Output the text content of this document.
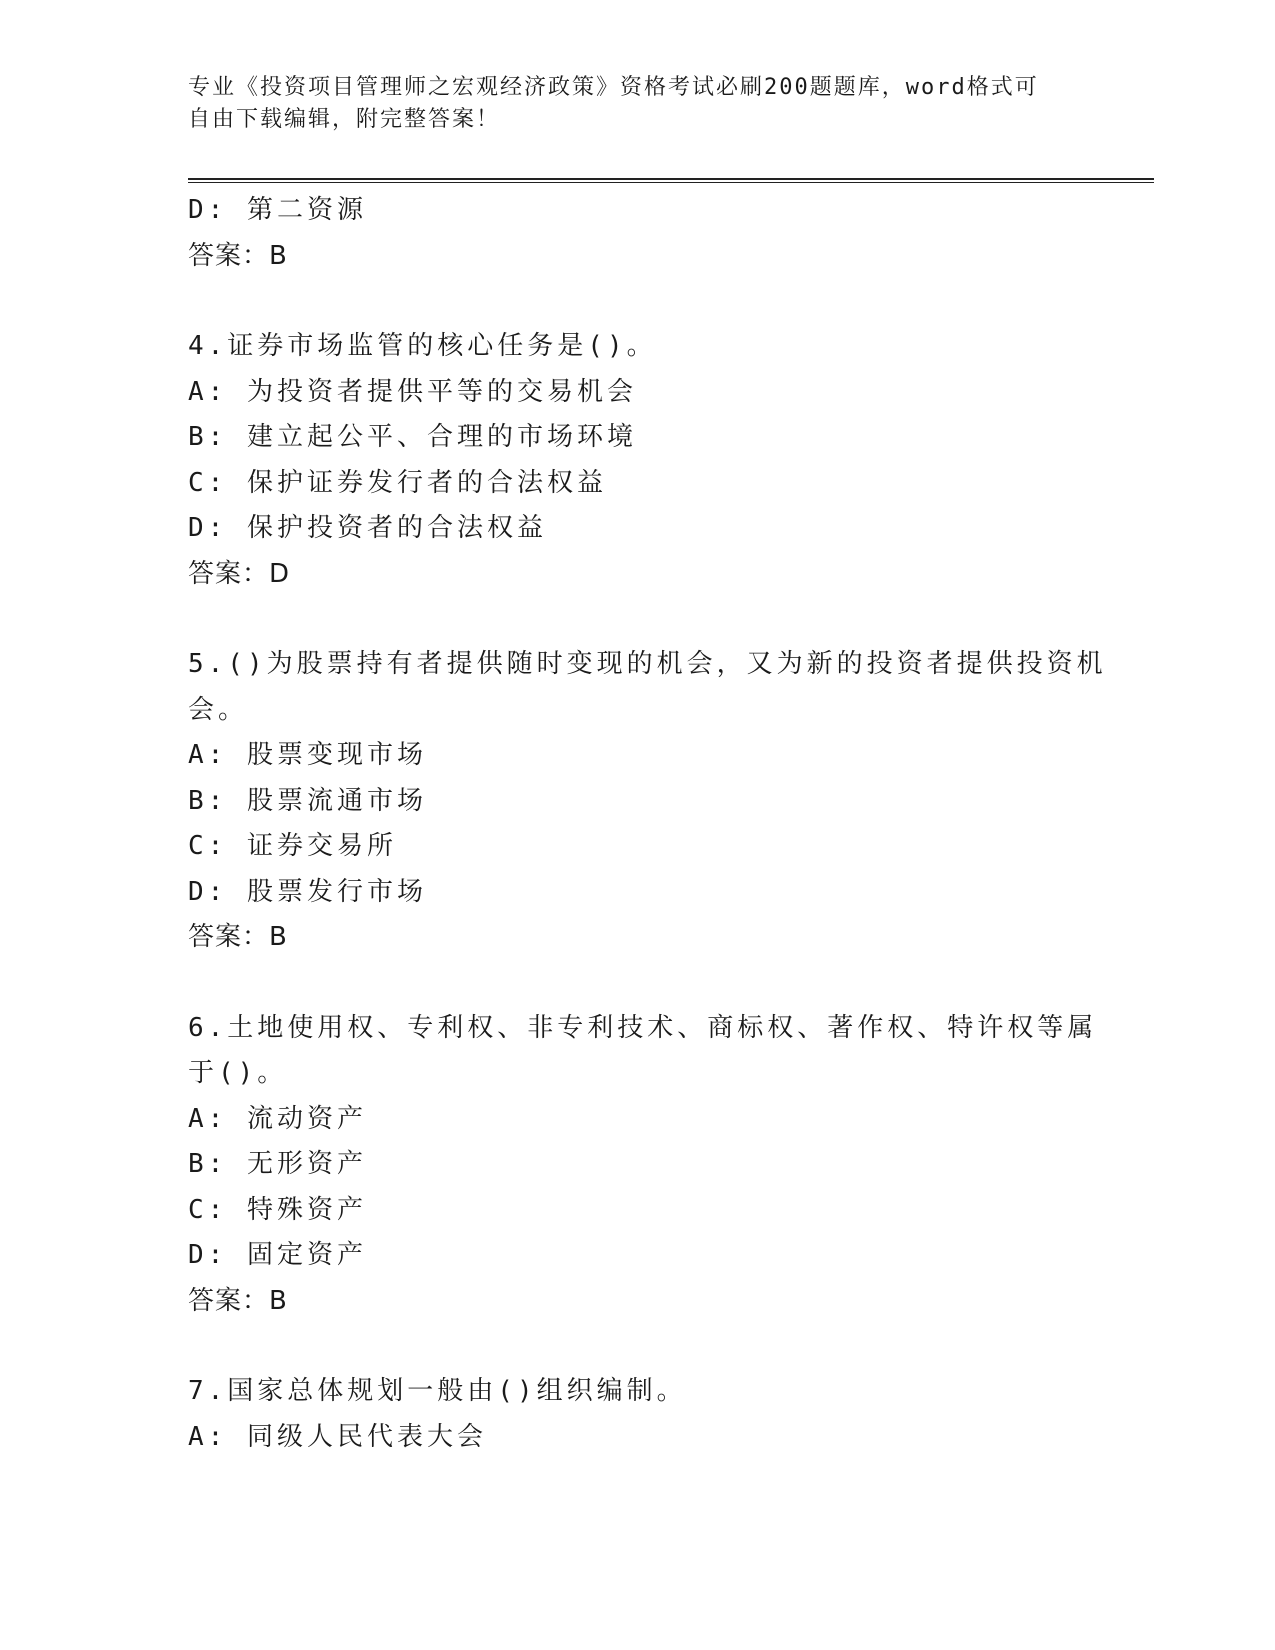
专业《投资项目管理师之宏观经济政策》资格考试必刷200题题库，word格式可
自由下载编辑，附完整答案！
D: 第二资源
答案：B
4.证券市场监管的核心任务是()。
A: 为投资者提供平等的交易机会
B: 建立起公平、合理的市场环境
C: 保护证券发行者的合法权益
D: 保护投资者的合法权益
答案：D
5.()为股票持有者提供随时变现的机会，又为新的投资者提供投资机
会。
A: 股票变现市场
B: 股票流通市场
C: 证券交易所
D: 股票发行市场
答案：B
6.土地使用权、专利权、非专利技术、商标权、著作权、特许权等属
于()。
A: 流动资产
B: 无形资产
C: 特殊资产
D: 固定资产
答案：B
7.国家总体规划一般由()组织编制。
A: 同级人民代表大会
